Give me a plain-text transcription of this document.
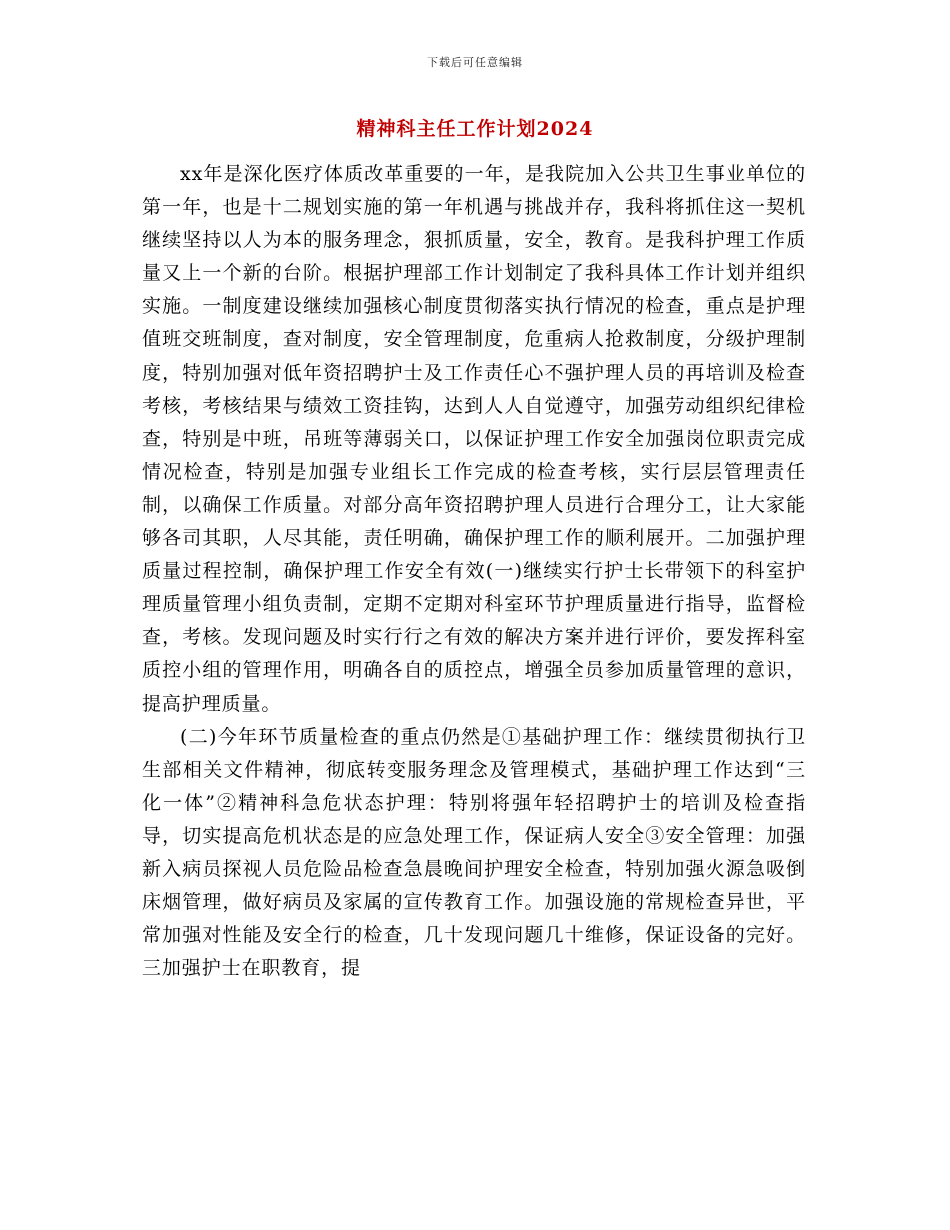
下载后可任意编辑
精神科主任工作计划2024

xx年是深化医疗体质改革重要的一年，是我院加入公共卫生事业单位的第一年，也是十二规划实施的第一年机遇与挑战并存，我科将抓住这一契机继续坚持以人为本的服务理念，狠抓质量，安全，教育。是我科护理工作质量又上一个新的台阶。根据护理部工作计划制定了我科具体工作计划并组织实施。一制度建设继续加强核心制度贯彻落实执行情况的检查，重点是护理值班交班制度，查对制度，安全管理制度，危重病人抢救制度，分级护理制度，特别加强对低年资招聘护士及工作责任心不强护理人员的再培训及检查考核，考核结果与绩效工资挂钩，达到人人自觉遵守，加强劳动组织纪律检查，特别是中班，吊班等薄弱关口，以保证护理工作安全加强岗位职责完成情况检查，特别是加强专业组长工作完成的检查考核，实行层层管理责任制，以确保工作质量。对部分高年资招聘护理人员进行合理分工，让大家能够各司其职，人尽其能，责任明确，确保护理工作的顺利展开。二加强护理质量过程控制，确保护理工作安全有效(一)继续实行护士长带领下的科室护理质量管理小组负责制，定期不定期对科室环节护理质量进行指导，监督检查，考核。发现问题及时实行行之有效的解决方案并进行评价，要发挥科室质控小组的管理作用，明确各自的质控点，增强全员参加质量管理的意识，提高护理质量。

(二)今年环节质量检查的重点仍然是①基础护理工作：继续贯彻执行卫生部相关文件精神，彻底转变服务理念及管理模式，基础护理工作达到“三化一体”②精神科急危状态护理：特别将强年轻招聘护士的培训及检查指导，切实提高危机状态是的应急处理工作，保证病人安全③安全管理：加强新入病员探视人员危险品检查急晨晚间护理安全检查，特别加强火源急吸倒床烟管理，做好病员及家属的宣传教育工作。加强设施的常规检查异世，平常加强对性能及安全行的检查，几十发现问题几十维修，保证设备的完好。三加强护士在职教育，提
